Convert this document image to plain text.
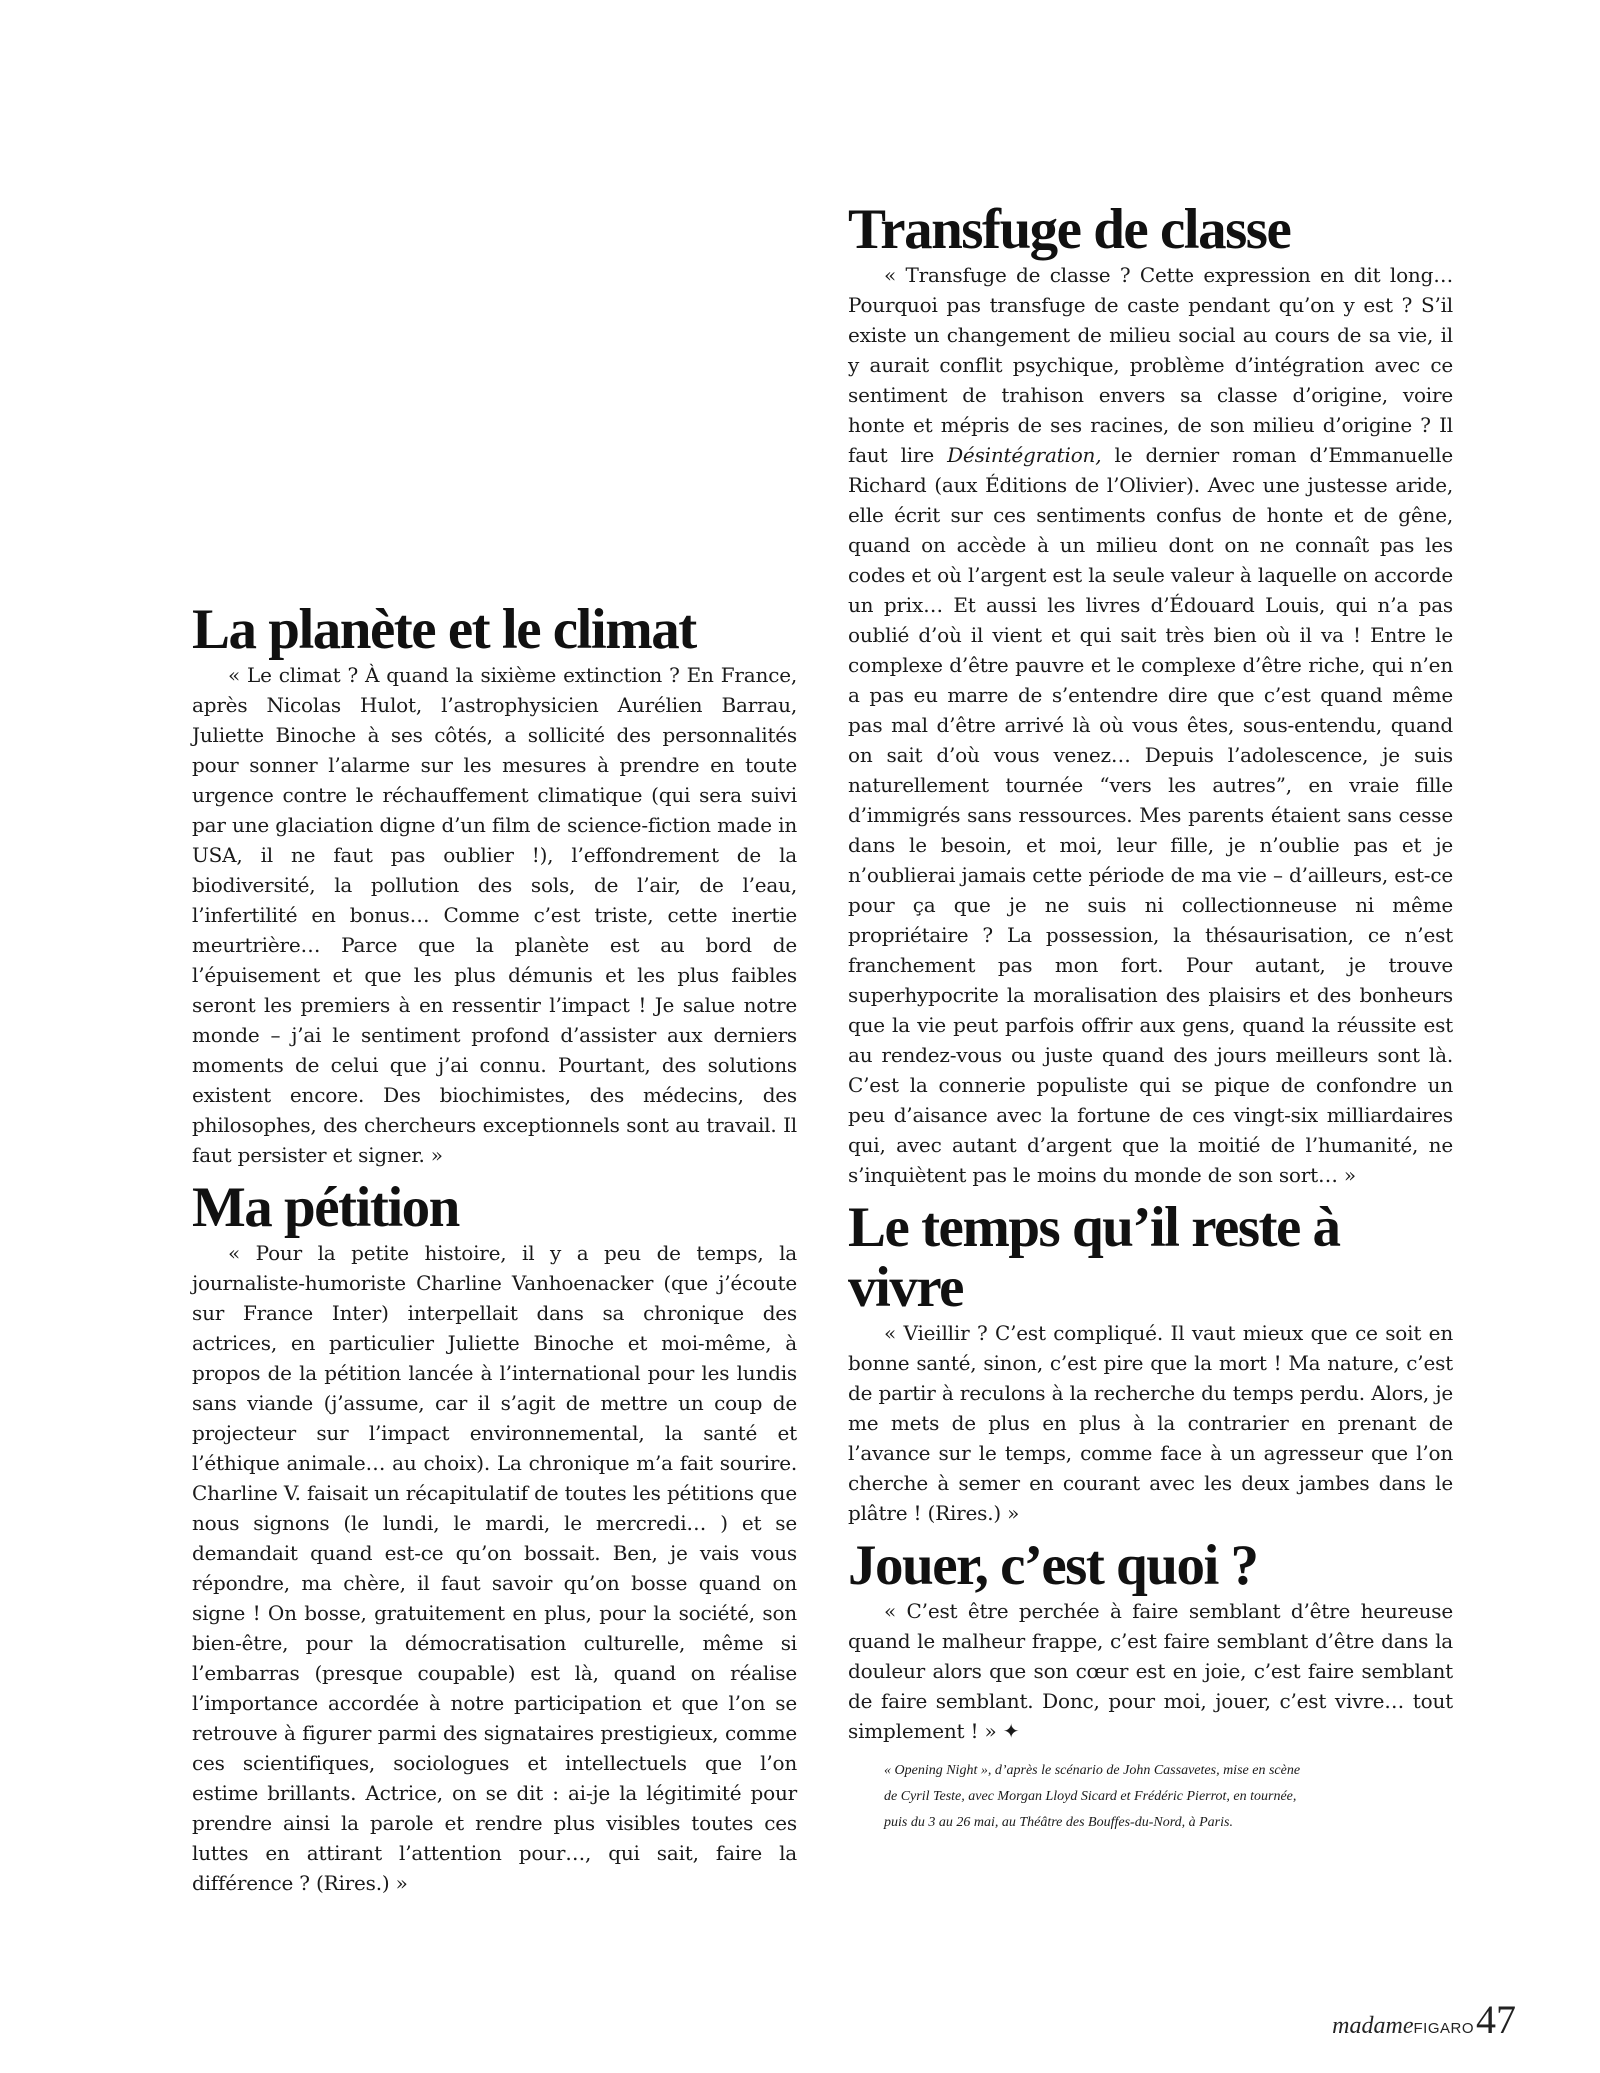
La planète et le climat

« Le climat ? À quand la sixième extinction ? En France, après Nicolas Hulot, l’astrophysicien Aurélien Barrau, Juliette Binoche à ses côtés, a sollicité des personnalités pour sonner l’alarme sur les mesures à prendre en toute urgence contre le réchauffement climatique (qui sera suivi par une glaciation digne d’un film de science-fiction made in USA, il ne faut pas oublier !), l’effondrement de la biodiversité, la pollution des sols, de l’air, de l’eau, l’infertilité en bonus… Comme c’est triste, cette inertie meurtrière… Parce que la planète est au bord de l’épuisement et que les plus démunis et les plus faibles seront les premiers à en ressentir l’impact ! Je salue notre monde – j’ai le sentiment profond d’assister aux derniers moments de celui que j’ai connu. Pourtant, des solutions existent encore. Des biochimistes, des médecins, des philosophes, des chercheurs exceptionnels sont au travail. Il faut persister et signer. »

Ma pétition

« Pour la petite histoire, il y a peu de temps, la journaliste-humoriste Charline Vanhoenacker (que j’écoute sur France Inter) interpellait dans sa chronique des actrices, en particulier Juliette Binoche et moi-même, à propos de la pétition lancée à l’international pour les lundis sans viande (j’assume, car il s’agit de mettre un coup de projecteur sur l’impact environnemental, la santé et l’éthique animale… au choix). La chronique m’a fait sourire. Charline V. faisait un récapitulatif de toutes les pétitions que nous signons (le lundi, le mardi, le mercredi… ) et se demandait quand est-ce qu’on bossait. Ben, je vais vous répondre, ma chère, il faut savoir qu’on bosse quand on signe ! On bosse, gratuitement en plus, pour la société, son bien-être, pour la démocratisation culturelle, même si l’embarras (presque coupable) est là, quand on réalise l’importance accordée à notre participation et que l’on se retrouve à figurer parmi des signataires prestigieux, comme ces scientifiques, sociologues et intellectuels que l’on estime brillants. Actrice, on se dit : ai-je la légitimité pour prendre ainsi la parole et rendre plus visibles toutes ces luttes en attirant l’attention pour…, qui sait, faire la différence ? (Rires.) »

Transfuge de classe

« Transfuge de classe ? Cette expression en dit long… Pourquoi pas transfuge de caste pendant qu’on y est ? S’il existe un changement de milieu social au cours de sa vie, il y aurait conflit psychique, problème d’intégration avec ce sentiment de trahison envers sa classe d’origine, voire honte et mépris de ses racines, de son milieu d’origine ? Il faut lire Désintégration, le dernier roman d’Emmanuelle Richard (aux Éditions de l’Olivier). Avec une justesse aride, elle écrit sur ces sentiments confus de honte et de gêne, quand on accède à un milieu dont on ne connaît pas les codes et où l’argent est la seule valeur à laquelle on accorde un prix… Et aussi les livres d’Édouard Louis, qui n’a pas oublié d’où il vient et qui sait très bien où il va ! Entre le complexe d’être pauvre et le complexe d’être riche, qui n’en a pas eu marre de s’entendre dire que c’est quand même pas mal d’être arrivé là où vous êtes, sous-entendu, quand on sait d’où vous venez… Depuis l’adolescence, je suis naturellement tournée “vers les autres”, en vraie fille d’immigrés sans ressources. Mes parents étaient sans cesse dans le besoin, et moi, leur fille, je n’oublie pas et je n’oublierai jamais cette période de ma vie – d’ailleurs, est-ce pour ça que je ne suis ni collectionneuse ni même propriétaire ? La possession, la thésaurisation, ce n’est franchement pas mon fort. Pour autant, je trouve superhypocrite la moralisation des plaisirs et des bonheurs que la vie peut parfois offrir aux gens, quand la réussite est au rendez-vous ou juste quand des jours meilleurs sont là. C’est la connerie populiste qui se pique de confondre un peu d’aisance avec la fortune de ces vingt-six milliardaires qui, avec autant d’argent que la moitié de l’humanité, ne s’inquiètent pas le moins du monde de son sort… »

Le temps qu’il reste à vivre

« Vieillir ? C’est compliqué. Il vaut mieux que ce soit en bonne santé, sinon, c’est pire que la mort ! Ma nature, c’est de partir à reculons à la recherche du temps perdu. Alors, je me mets de plus en plus à la contrarier en prenant de l’avance sur le temps, comme face à un agresseur que l’on cherche à semer en courant avec les deux jambes dans le plâtre ! (Rires.) »

Jouer, c’est quoi ?

« C’est être perchée à faire semblant d’être heureuse quand le malheur frappe, c’est faire semblant d’être dans la douleur alors que son cœur est en joie, c’est faire semblant de faire semblant. Donc, pour moi, jouer, c’est vivre… tout simplement ! » ✦

« Opening Night », d’après le scénario de John Cassavetes, mise en scène
de Cyril Teste, avec Morgan Lloyd Sicard et Frédéric Pierrot, en tournée,
puis du 3 au 26 mai, au Théâtre des Bouffes-du-Nord, à Paris.
madame FIGARO 47
